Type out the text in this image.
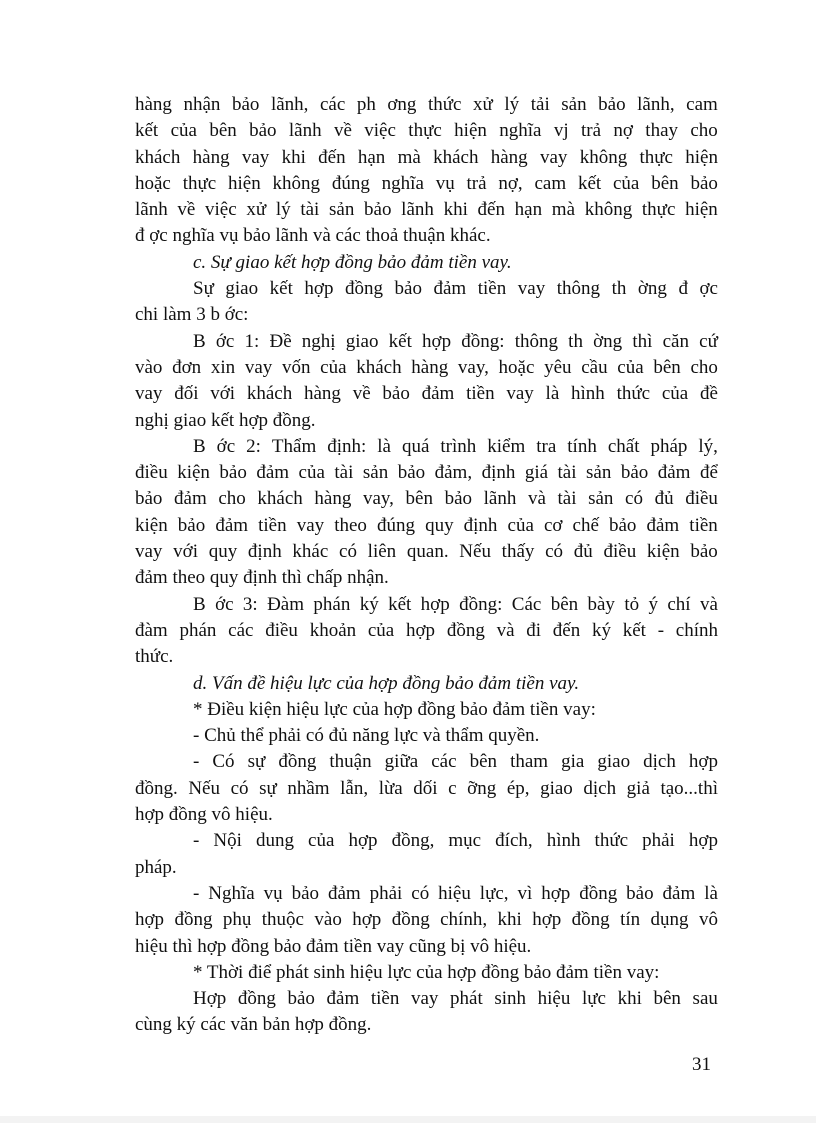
hàng nhận bảo lãnh, các ph ơng thức xử lý tải sản bảo lãnh, cam
kết của bên bảo lãnh về việc thực hiện nghĩa vj trả nợ thay cho
khách hàng vay khi đến hạn mà khách hàng vay không thực hiện
hoặc thực hiện không đúng nghĩa vụ trả nợ, cam kết của bên bảo
lãnh về việc xử lý tài sản bảo lãnh khi đến hạn mà không thực hiện
đ ợc nghĩa vụ bảo lãnh và các thoả thuận khác.
c. Sự giao kết hợp đồng bảo đảm tiền vay.
Sự giao kết hợp đồng bảo đảm tiền vay thông th ờng đ ợc
chi làm 3 b ớc:
B ớc 1: Đề nghị giao kết hợp đồng: thông th ờng thì căn cứ
vào đơn xin vay vốn của khách hàng vay, hoặc yêu cầu của bên cho
vay đối với khách hàng về bảo đảm tiền vay là hình thức của đề
nghị giao kết hợp đồng.
B ớc 2: Thẩm định: là quá trình kiểm tra tính chất pháp lý,
điều kiện bảo đảm của tài sản bảo đảm, định giá tài sản bảo đảm để
bảo đảm cho khách hàng vay, bên bảo lãnh và tài sản có đủ điều
kiện bảo đảm tiền vay theo đúng quy định của cơ chế bảo đảm tiền
vay với quy định khác có liên quan. Nếu thấy có đủ điều kiện bảo
đảm theo quy định thì chấp nhận.
B ớc 3: Đàm phán ký kết hợp đồng: Các bên bày tỏ ý chí và
đàm phán các điều khoản của hợp đồng và đi đến ký kết - chính
thức.
d. Vấn đề hiệu lực của hợp đồng bảo đảm tiền vay.
* Điều kiện hiệu lực của hợp đồng bảo đảm tiền vay:
- Chủ thể phải có đủ năng lực và thẩm quyền.
- Có sự đồng thuận giữa các bên tham gia giao dịch hợp
đồng. Nếu có sự nhầm lẫn, lừa dối c ỡng ép, giao dịch giả tạo...thì
hợp đồng vô hiệu.
- Nội dung của hợp đồng, mục đích, hình thức phải hợp
pháp.
- Nghĩa vụ bảo đảm phải có hiệu lực, vì hợp đồng bảo đảm là
hợp đồng phụ thuộc vào hợp đồng chính, khi hợp đồng tín dụng vô
hiệu thì hợp đồng bảo đảm tiền vay cũng bị vô hiệu.
* Thời điể phát sinh hiệu lực của hợp đồng bảo đảm tiền vay:
Hợp đồng bảo đảm tiền vay phát sinh hiệu lực khi bên sau
cùng ký các văn bản hợp đồng.
31
